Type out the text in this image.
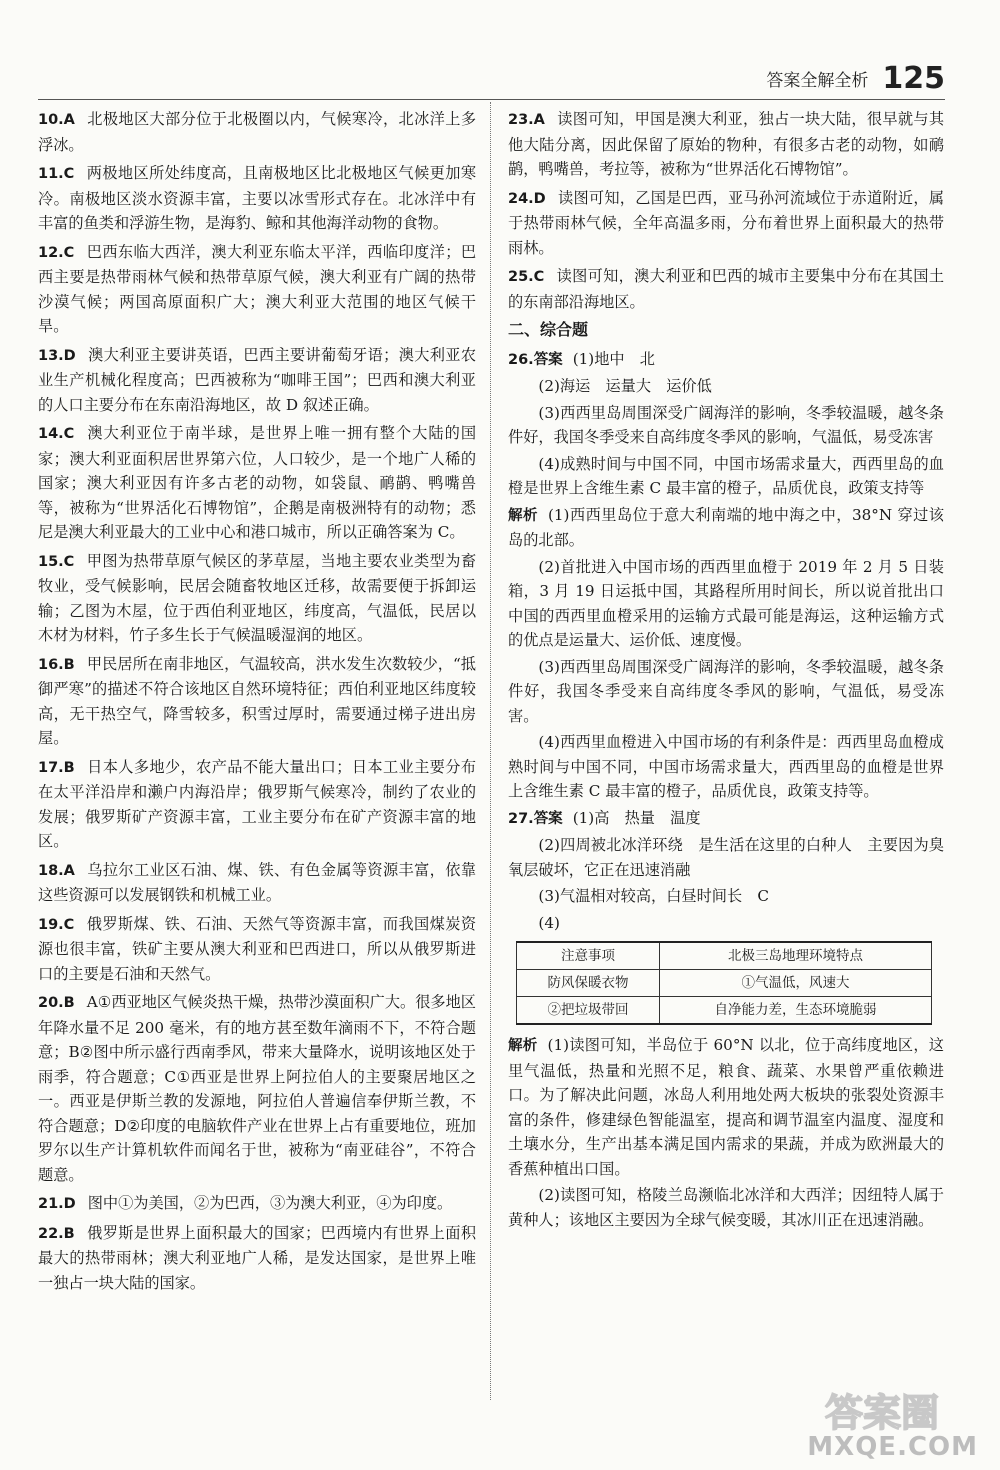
答案全解全析 125

10.A 北极地区大部分位于北极圈以内，气候寒冷，北冰洋上多浮冰。

11.C 两极地区所处纬度高，且南极地区比北极地区气候更加寒冷。南极地区淡水资源丰富，主要以冰雪形式存在。北冰洋中有丰富的鱼类和浮游生物，是海豹、鲸和其他海洋动物的食物。

12.C 巴西东临大西洋，澳大利亚东临太平洋，西临印度洋；巴西主要是热带雨林气候和热带草原气候，澳大利亚有广阔的热带沙漠气候；两国高原面积广大；澳大利亚大范围的地区气候干旱。

13.D 澳大利亚主要讲英语，巴西主要讲葡萄牙语；澳大利亚农业生产机械化程度高；巴西被称为“咖啡王国”；巴西和澳大利亚的人口主要分布在东南沿海地区，故 D 叙述正确。

14.C 澳大利亚位于南半球，是世界上唯一拥有整个大陆的国家；澳大利亚面积居世界第六位，人口较少，是一个地广人稀的国家；澳大利亚因有许多古老的动物，如袋鼠、鸸鹋、鸭嘴兽等，被称为“世界活化石博物馆”，企鹅是南极洲特有的动物；悉尼是澳大利亚最大的工业中心和港口城市，所以正确答案为 C。

15.C 甲图为热带草原气候区的茅草屋，当地主要农业类型为畜牧业，受气候影响，民居会随畜牧地区迁移，故需要便于拆卸运输；乙图为木屋，位于西伯利亚地区，纬度高，气温低，民居以木材为材料，竹子多生长于气候温暖湿润的地区。

16.B 甲民居所在南非地区，气温较高，洪水发生次数较少，“抵御严寒”的描述不符合该地区自然环境特征；西伯利亚地区纬度较高，无干热空气，降雪较多，积雪过厚时，需要通过梯子进出房屋。

17.B 日本人多地少，农产品不能大量出口；日本工业主要分布在太平洋沿岸和濑户内海沿岸；俄罗斯气候寒冷，制约了农业的发展；俄罗斯矿产资源丰富，工业主要分布在矿产资源丰富的地区。

18.A 乌拉尔工业区石油、煤、铁、有色金属等资源丰富，依靠这些资源可以发展钢铁和机械工业。

19.C 俄罗斯煤、铁、石油、天然气等资源丰富，而我国煤炭资源也很丰富，铁矿主要从澳大利亚和巴西进口，所以从俄罗斯进口的主要是石油和天然气。

20.B A①西亚地区气候炎热干燥，热带沙漠面积广大。很多地区年降水量不足 200 毫米，有的地方甚至数年滴雨不下，不符合题意；B②图中所示盛行西南季风，带来大量降水，说明该地区处于雨季，符合题意；C①西亚是世界上阿拉伯人的主要聚居地区之一。西亚是伊斯兰教的发源地，阿拉伯人普遍信奉伊斯兰教，不符合题意；D②印度的电脑软件产业在世界上占有重要地位，班加罗尔以生产计算机软件而闻名于世，被称为“南亚硅谷”，不符合题意。

21.D 图中①为美国，②为巴西，③为澳大利亚，④为印度。

22.B 俄罗斯是世界上面积最大的国家；巴西境内有世界上面积最大的热带雨林；澳大利亚地广人稀，是发达国家，是世界上唯一独占一块大陆的国家。

23.A 读图可知，甲国是澳大利亚，独占一块大陆，很早就与其他大陆分离，因此保留了原始的物种，有很多古老的动物，如鸸鹋，鸭嘴兽，考拉等，被称为“世界活化石博物馆”。

24.D 读图可知，乙国是巴西，亚马孙河流域位于赤道附近，属于热带雨林气候，全年高温多雨，分布着世界上面积最大的热带雨林。

25.C 读图可知，澳大利亚和巴西的城市主要集中分布在其国土的东南部沿海地区。

二、综合题

26.答案 (1)地中　北

(2)海运　运量大　运价低

(3)西西里岛周围深受广阔海洋的影响，冬季较温暖，越冬条件好，我国冬季受来自高纬度冬季风的影响，气温低，易受冻害

(4)成熟时间与中国不同，中国市场需求量大，西西里岛的血橙是世界上含维生素 C 最丰富的橙子，品质优良，政策支持等

解析 (1)西西里岛位于意大利南端的地中海之中，38°N 穿过该岛的北部。

(2)首批进入中国市场的西西里血橙于 2019 年 2 月 5 日装箱，3 月 19 日运抵中国，其路程所用时间长，所以说首批出口中国的西西里血橙采用的运输方式最可能是海运，这种运输方式的优点是运量大、运价低、速度慢。

(3)西西里岛周围深受广阔海洋的影响，冬季较温暖，越冬条件好，我国冬季受来自高纬度冬季风的影响，气温低，易受冻害。

(4)西西里血橙进入中国市场的有利条件是：西西里岛血橙成熟时间与中国不同，中国市场需求量大，西西里岛的血橙是世界上含维生素 C 最丰富的橙子，品质优良，政策支持等。

27.答案 (1)高　热量　温度

(2)四周被北冰洋环绕　是生活在这里的白种人　主要因为臭氧层破坏，它正在迅速消融

(3)气温相对较高，白昼时间长　C

(4)

注意事项	北极三岛地理环境特点
防风保暖衣物	①气温低，风速大
②把垃圾带回	自净能力差，生态环境脆弱

解析 (1)读图可知，半岛位于 60°N 以北，位于高纬度地区，这里气温低，热量和光照不足，粮食、蔬菜、水果曾严重依赖进口。为了解决此问题，冰岛人利用地处两大板块的张裂处资源丰富的条件，修建绿色智能温室，提高和调节温室内温度、湿度和土壤水分，生产出基本满足国内需求的果蔬，并成为欧洲最大的香蕉种植出口国。

(2)读图可知，格陵兰岛濒临北冰洋和大西洋；因纽特人属于黄种人；该地区主要因为全球气候变暖，其冰川正在迅速消融。

答案圈
MXQE.COM
